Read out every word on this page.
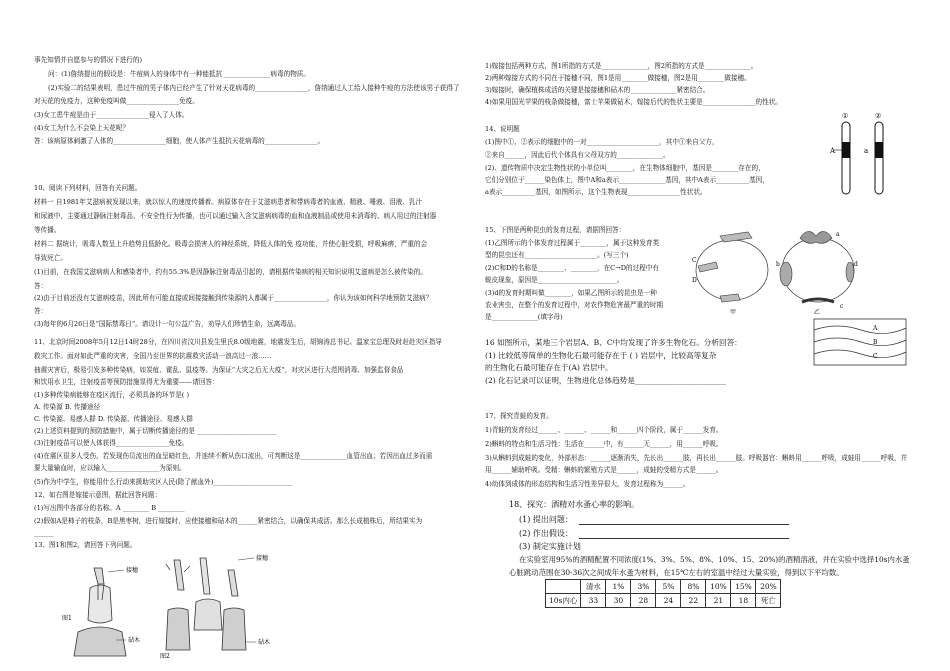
事先知情并自愿参与的情况下进行的)
问：(1)詹纳提出的假设是：牛痘病人的身体中有一种能抵抗 ______________病毒的物质。
(2)实验二的结果表明，患过牛痘的男子体内已经产生了针对天花病毒的________________，詹纳通过人工给人接种牛痘的方法使该男子获得了
对天花的免疫力，这种免疫叫做________________免疫。
(3)女工患牛痘是由于________________侵入了人体。
(4)女工为什么不会染上天花呢？
答：该病原体刺激了人体的________________细胞，使人体产生抵抗天花病毒的________________。
10、阅读下列材料，回答有关问题。
材料一 自1981年艾滋病被发现以来，就以惊人的速度传播着。病原体存在于艾滋病患者和带病毒者的血液、精液、唾液、泪液、乳汁
和尿液中，主要通过静脉注射毒品、不安全性行为传播，也可以通过输入含艾滋病病毒的血和血液制品或使用未消毒的、病人用过的注射器
等传播。
材料二 据统计，吸毒人数呈上升趋势且低龄化。吸毒会损害人的神经系统，降低人体的免 疫功能，并使心脏受损，呼吸麻痹，严重的会
导致死亡。
(1)目前，在我国艾滋病病人和感染者中，约有55.3%是因静脉注射毒品引起的，请根据传染病的相关知识说明艾滋病是怎么被传染的。
答：
(2)由于目前还没有艾滋病疫苗，因此所有可能直接或间接接触到传染源的人都属于________________，你认为该如何科学地预防艾滋病？
答：
(3)每年的6月26日是“国际禁毒日”。请设计一句公益广告，劝导人们珍惜生命，远离毒品。
11、北京时间2008年5月12日14时28分，在四川省汶川县发生里氏8.0级地震，地震发生后，胡锦涛总书记、温家宝总理及时赶赴灾区指导
救灾工作。面对如此严重的灾害，全国乃至世界的抗震救灾活动一浪高过一浪……
抽震灾害后，极易引发多种传染病，如炭疽、霍乱、鼠疫等。为保证“大灾之后无大疫”，对灾区进行大范围消毒、加强监督食品
和饮用水卫生，注射疫苗等预防措施显得尤为重要——请回答：
(1)多种传染病能够在疫区流行，必须具备的环节是( )
A. 传染源 B. 传播途径
C. 传染源、易感人群 D. 传染源、传播途径、易感人群
(2)上述资料提到的预防措施中，属于切断传播途径的是 ________________________
(3)注射疫苗可以使人体获得________________免疫。
(4)在震区很多人受伤，若发现伤员流出的血呈暗红色，并连续不断从伤口流出，可判断这是______________血管出血；若因出血过多而需
要大量输血时，应以输入________________为原则。
(5)作为中学生，你能用什么行动来援助灾区人民(除了献血外)________________________
12、如右图是嫁接示意图，据此回答问题：
(1)写出图中各部分的名称。A ________ B ________
(2)假如A是柿子的枝条，B是黑枣树，进行嫁接时，应使接穗和砧木的______紧密结合，以确保其成活。那么长成植株后，所结果实为
______
13、图1和图2，请回答下列问题。
接穗
砧木
图1
接穗
砧木
图2
1)嫁接包括两种方式，图1所指的方式是______________，图2所指的方式是______________。
2)两种嫁接方式的不同在于接穗不同，图1是用________做接穗，图2是用________做接穗。
3)嫁接时，确保植株成活的关键是接接穗和砧木的______________紧密结合。
4)如果用国光苹果的枝条做接穗，富士苹果做砧木，嫁接后代的性状主要是________________的性状。
14、说明题
(1)图中①、②表示的细胞中的一对______________________，其中①来自父方，
②来自______，因此后代个体具有父母双方的______________。
(2)、遗传物质中决定生物性状的小单位叫________，在生物体细胞中，基因是________存在的，
它们分别位于______染色体上，图中A和a表示______________基因，其中A表示__________基因，
a表示__________基因，如图所示，这个生物表现________________性状状。
①	②
A	a
15、下图是两种昆虫的发育过程，请据图回答：
(1)乙图所示的个体发育过程属于________，属于这种发育类
型的昆虫还有______________________。(写三个)
(2)C和D的名称是________、________，在C→D的过程中有
蜕皮现象，原因是________________________。
(3)d的发育时期叫做________，如果乙图所示的昆虫是一种
农业害虫，在整个的发育过程中，对农作物危害最严重的时期
是______________(填字母)
C
D
甲
a
b
c
d
乙
16 如图所示，某地三个岩层A、B、C中均发现了许多生物化石。分析回答：
(1) 比较低等简单的生物化石最可能存在于 ( ) 岩层中，比较高等复杂
的生物化石最可能存在于(A) 岩层中。
(2) 化石记录可以证明，生物进化总体趋势是________________________
A
B
C
17、探究青蛙的发育。
1)青蛙的发育经过______、______、______和______四个阶段，属于______发育。
2)蝌蚪的特点和生活习性：生活在______中，有______无______，用______呼吸。
3)从蝌蚪到成蛙的变化，外部形态：______逐渐消失，先长出______肢，再长出______肢。呼吸器官：蝌蚪用______呼吸，成蛙用______呼吸，并
用______辅助呼吸。受精：蝌蚪的繁殖方式是______，成蛙的受精方式是______。
4)幼体到成体的形态结构和生活习性差异很大，发育过程称为______。
18、探究：酒精对水蚤心率的影响。
(1) 提出问题：
(2) 作出假设：
(3) 制定实施计划
在实验室用95%的酒精配置不同浓度(1%、3%、5%、8%、10%、15、20%)的酒精溶液，并在实验中选择10s内水蚤
心脏跳动范围在30-36次之间成年水蚤为材料，在15℃左右的室温中经过大量实验，得到以下平均数。
	清水	1%	3%	5%	8%	10%	15%	20%
10s内心	33	30	28	24	22	21	18	死亡
